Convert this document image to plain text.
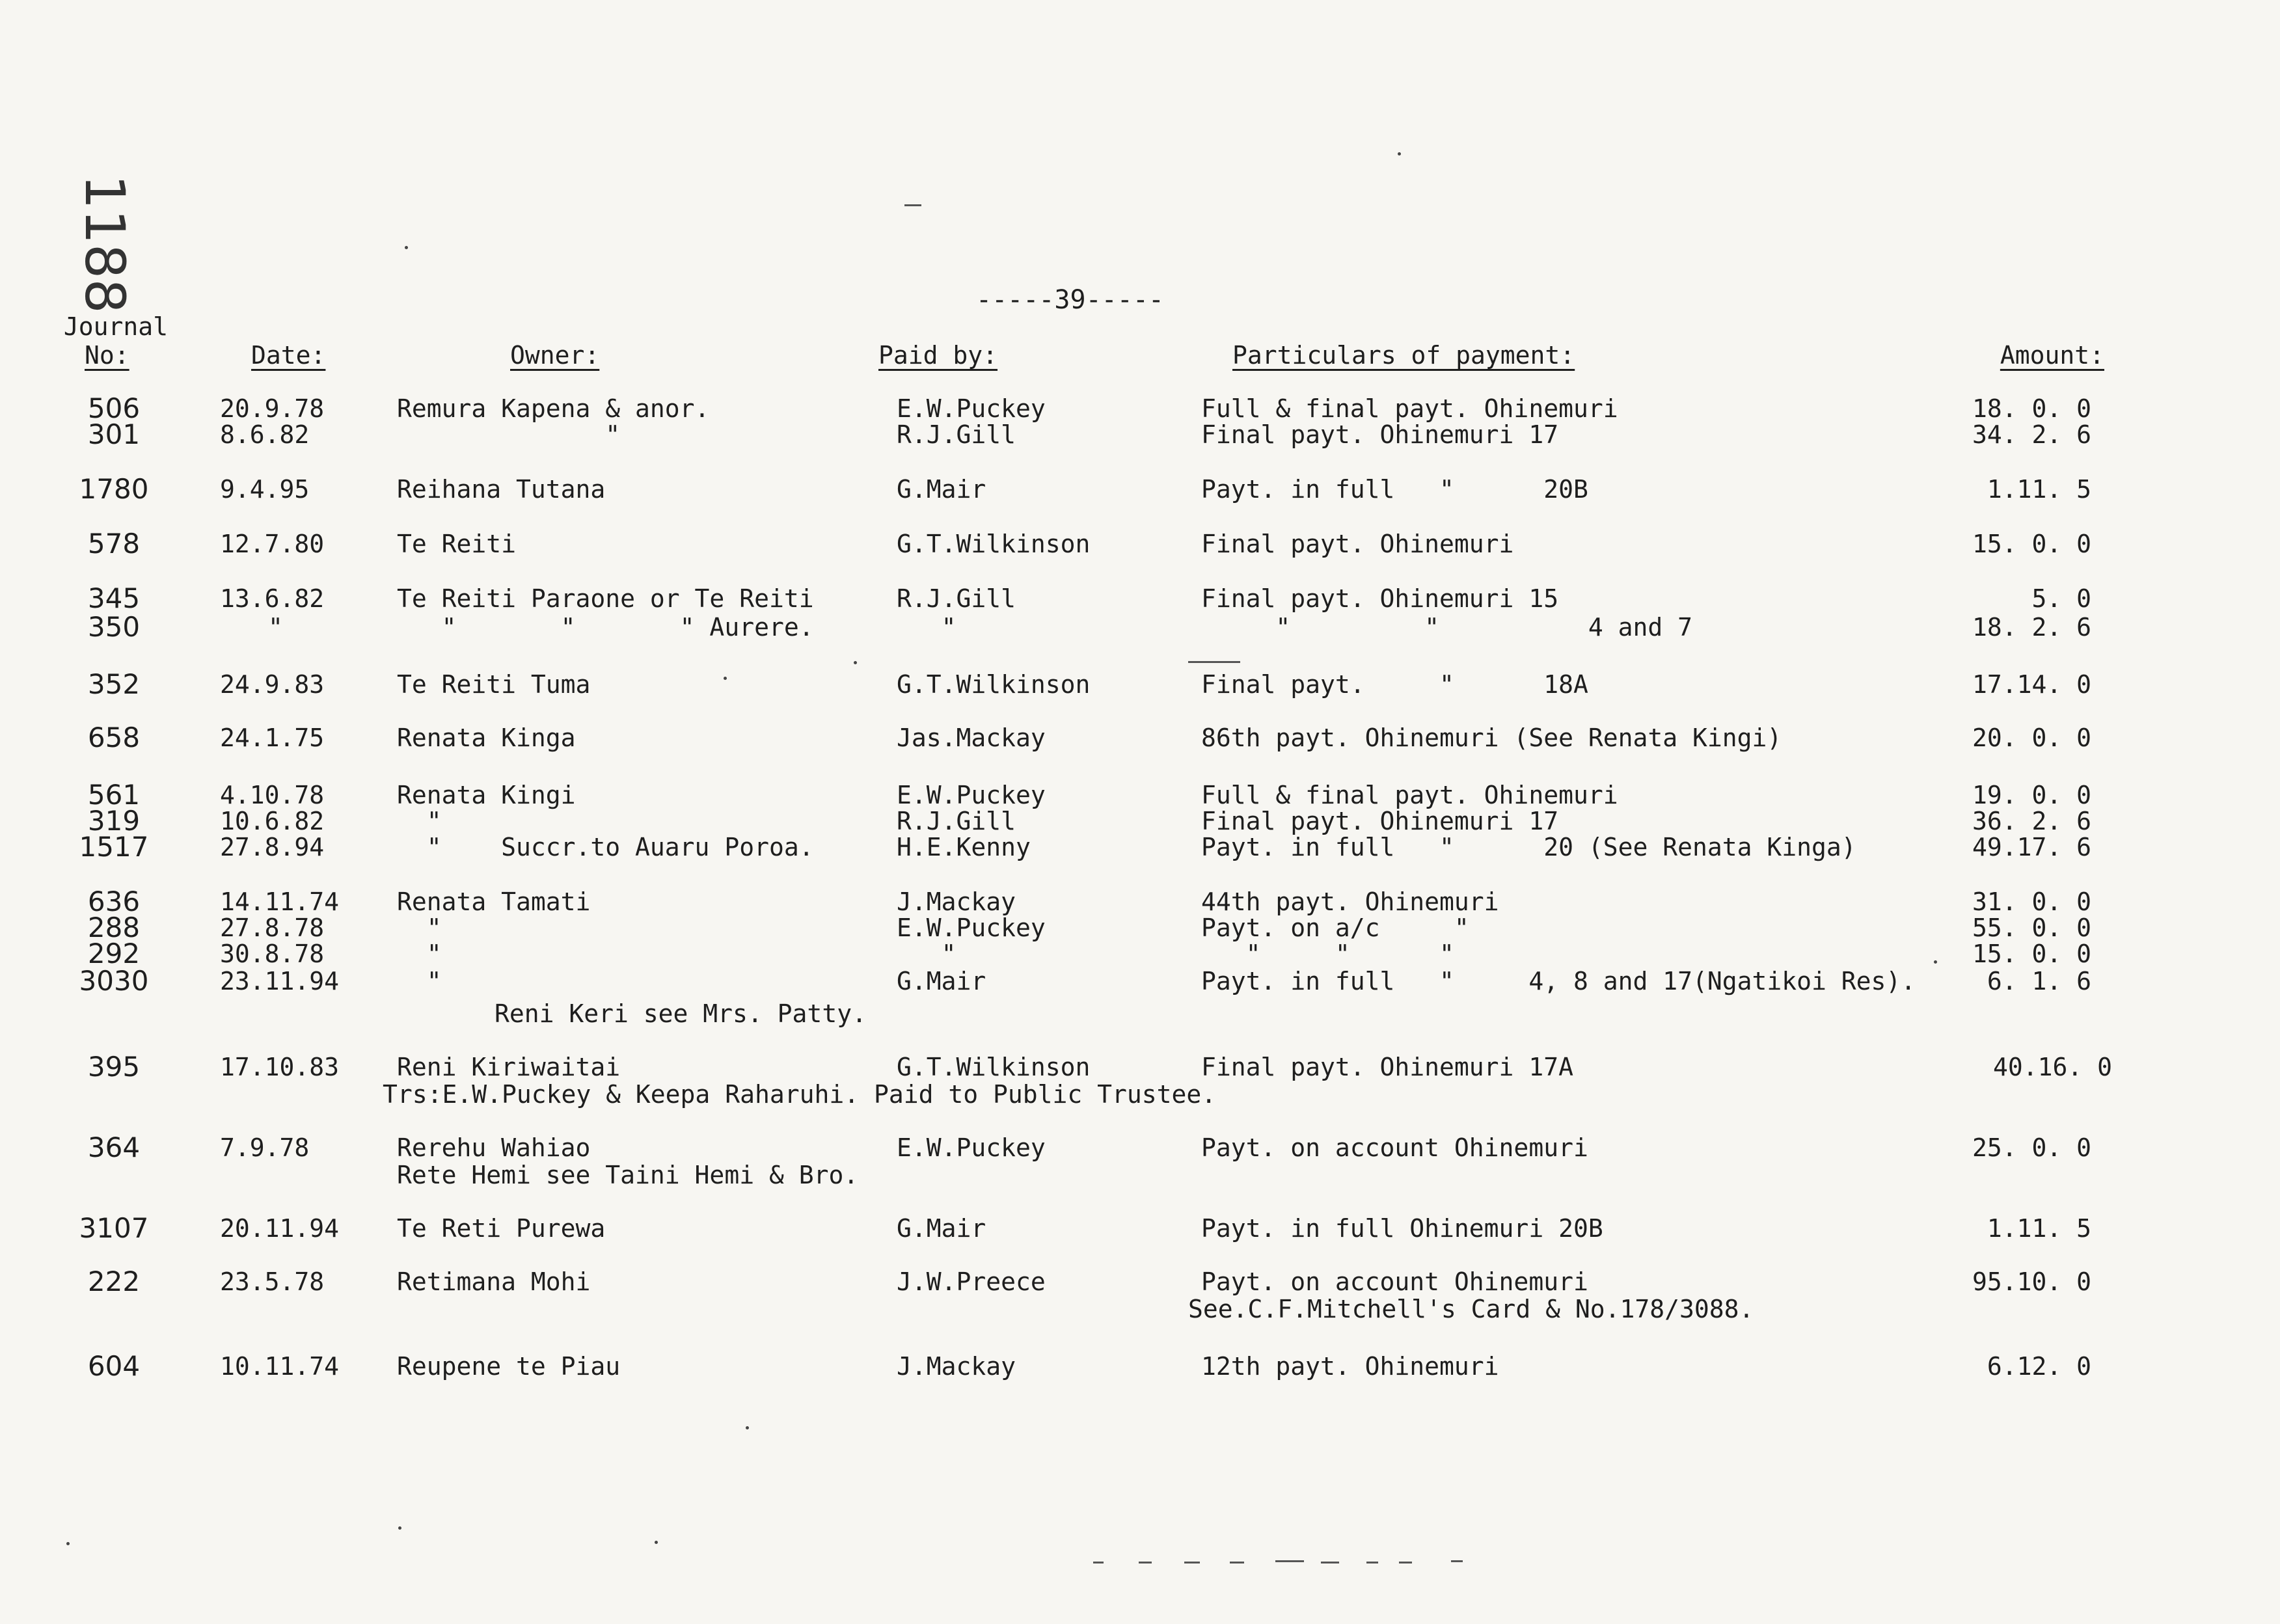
1188	-----39-----
Journal
No:	Date:	Owner:	Paid by:	Particulars of payment:	Amount:
506	20.9.78	Remura Kapena & anor.	E.W.Puckey	Full & final payt. Ohinemuri	18. 0. 0
301	8.6.82	"	R.J.Gill	Final payt. Ohinemuri 17	34. 2. 6
1780	9.4.95	Reihana Tutana	G.Mair	Payt. in full   "      20B	1.11. 5
578	12.7.80	Te Reiti	G.T.Wilkinson	Final payt. Ohinemuri	15. 0. 0
345	13.6.82	Te Reiti Paraone or Te Reiti	R.J.Gill	Final payt. Ohinemuri 15	5. 0
350	"	"       "       " Aurere.	"	"         "          4 and 7	18. 2. 6
352	24.9.83	Te Reiti Tuma	G.T.Wilkinson	Final payt.     "      18A	17.14. 0
658	24.1.75	Renata Kinga	Jas.Mackay	86th payt. Ohinemuri (See Renata Kingi)	20. 0. 0
561	4.10.78	Renata Kingi	E.W.Puckey	Full & final payt. Ohinemuri	19. 0. 0
319	10.6.82	"	R.J.Gill	Final payt. Ohinemuri 17	36. 2. 6
1517	27.8.94	"    Succr.to Auaru Poroa.	H.E.Kenny	Payt. in full   "      20 (See Renata Kinga)	49.17. 6
636	14.11.74 Renata Tamati	J.Mackay	44th payt. Ohinemuri	31. 0. 0
288	27.8.78	"	E.W.Puckey	Payt. on a/c     "	55. 0. 0
292	30.8.78	"	"	"     "      "	15. 0. 0
3030	23.11.94 "	G.Mair	Payt. in full   "     4, 8 and 17(Ngatikoi Res).	6. 1. 6
Reni Keri see Mrs. Patty.
395	17.10.83 Reni Kiriwaitai	G.T.Wilkinson	Final payt. Ohinemuri 17A	40.16. 0
Trs:E.W.Puckey & Keepa Raharuhi. Paid to Public Trustee.
364	7.9.78	Rerehu Wahiao	E.W.Puckey	Payt. on account Ohinemuri	25. 0. 0
Rete Hemi see Taini Hemi & Bro.
3107	20.11.94 Te Reti Purewa	G.Mair	Payt. in full Ohinemuri 20B	1.11. 5
222	23.5.78	Retimana Mohi	J.W.Preece	Payt. on account Ohinemuri	95.10. 0
See.C.F.Mitchell's Card & No.178/3088.
604	10.11.74 Reupene te Piau	J.Mackay	12th payt. Ohinemuri	6.12. 0
